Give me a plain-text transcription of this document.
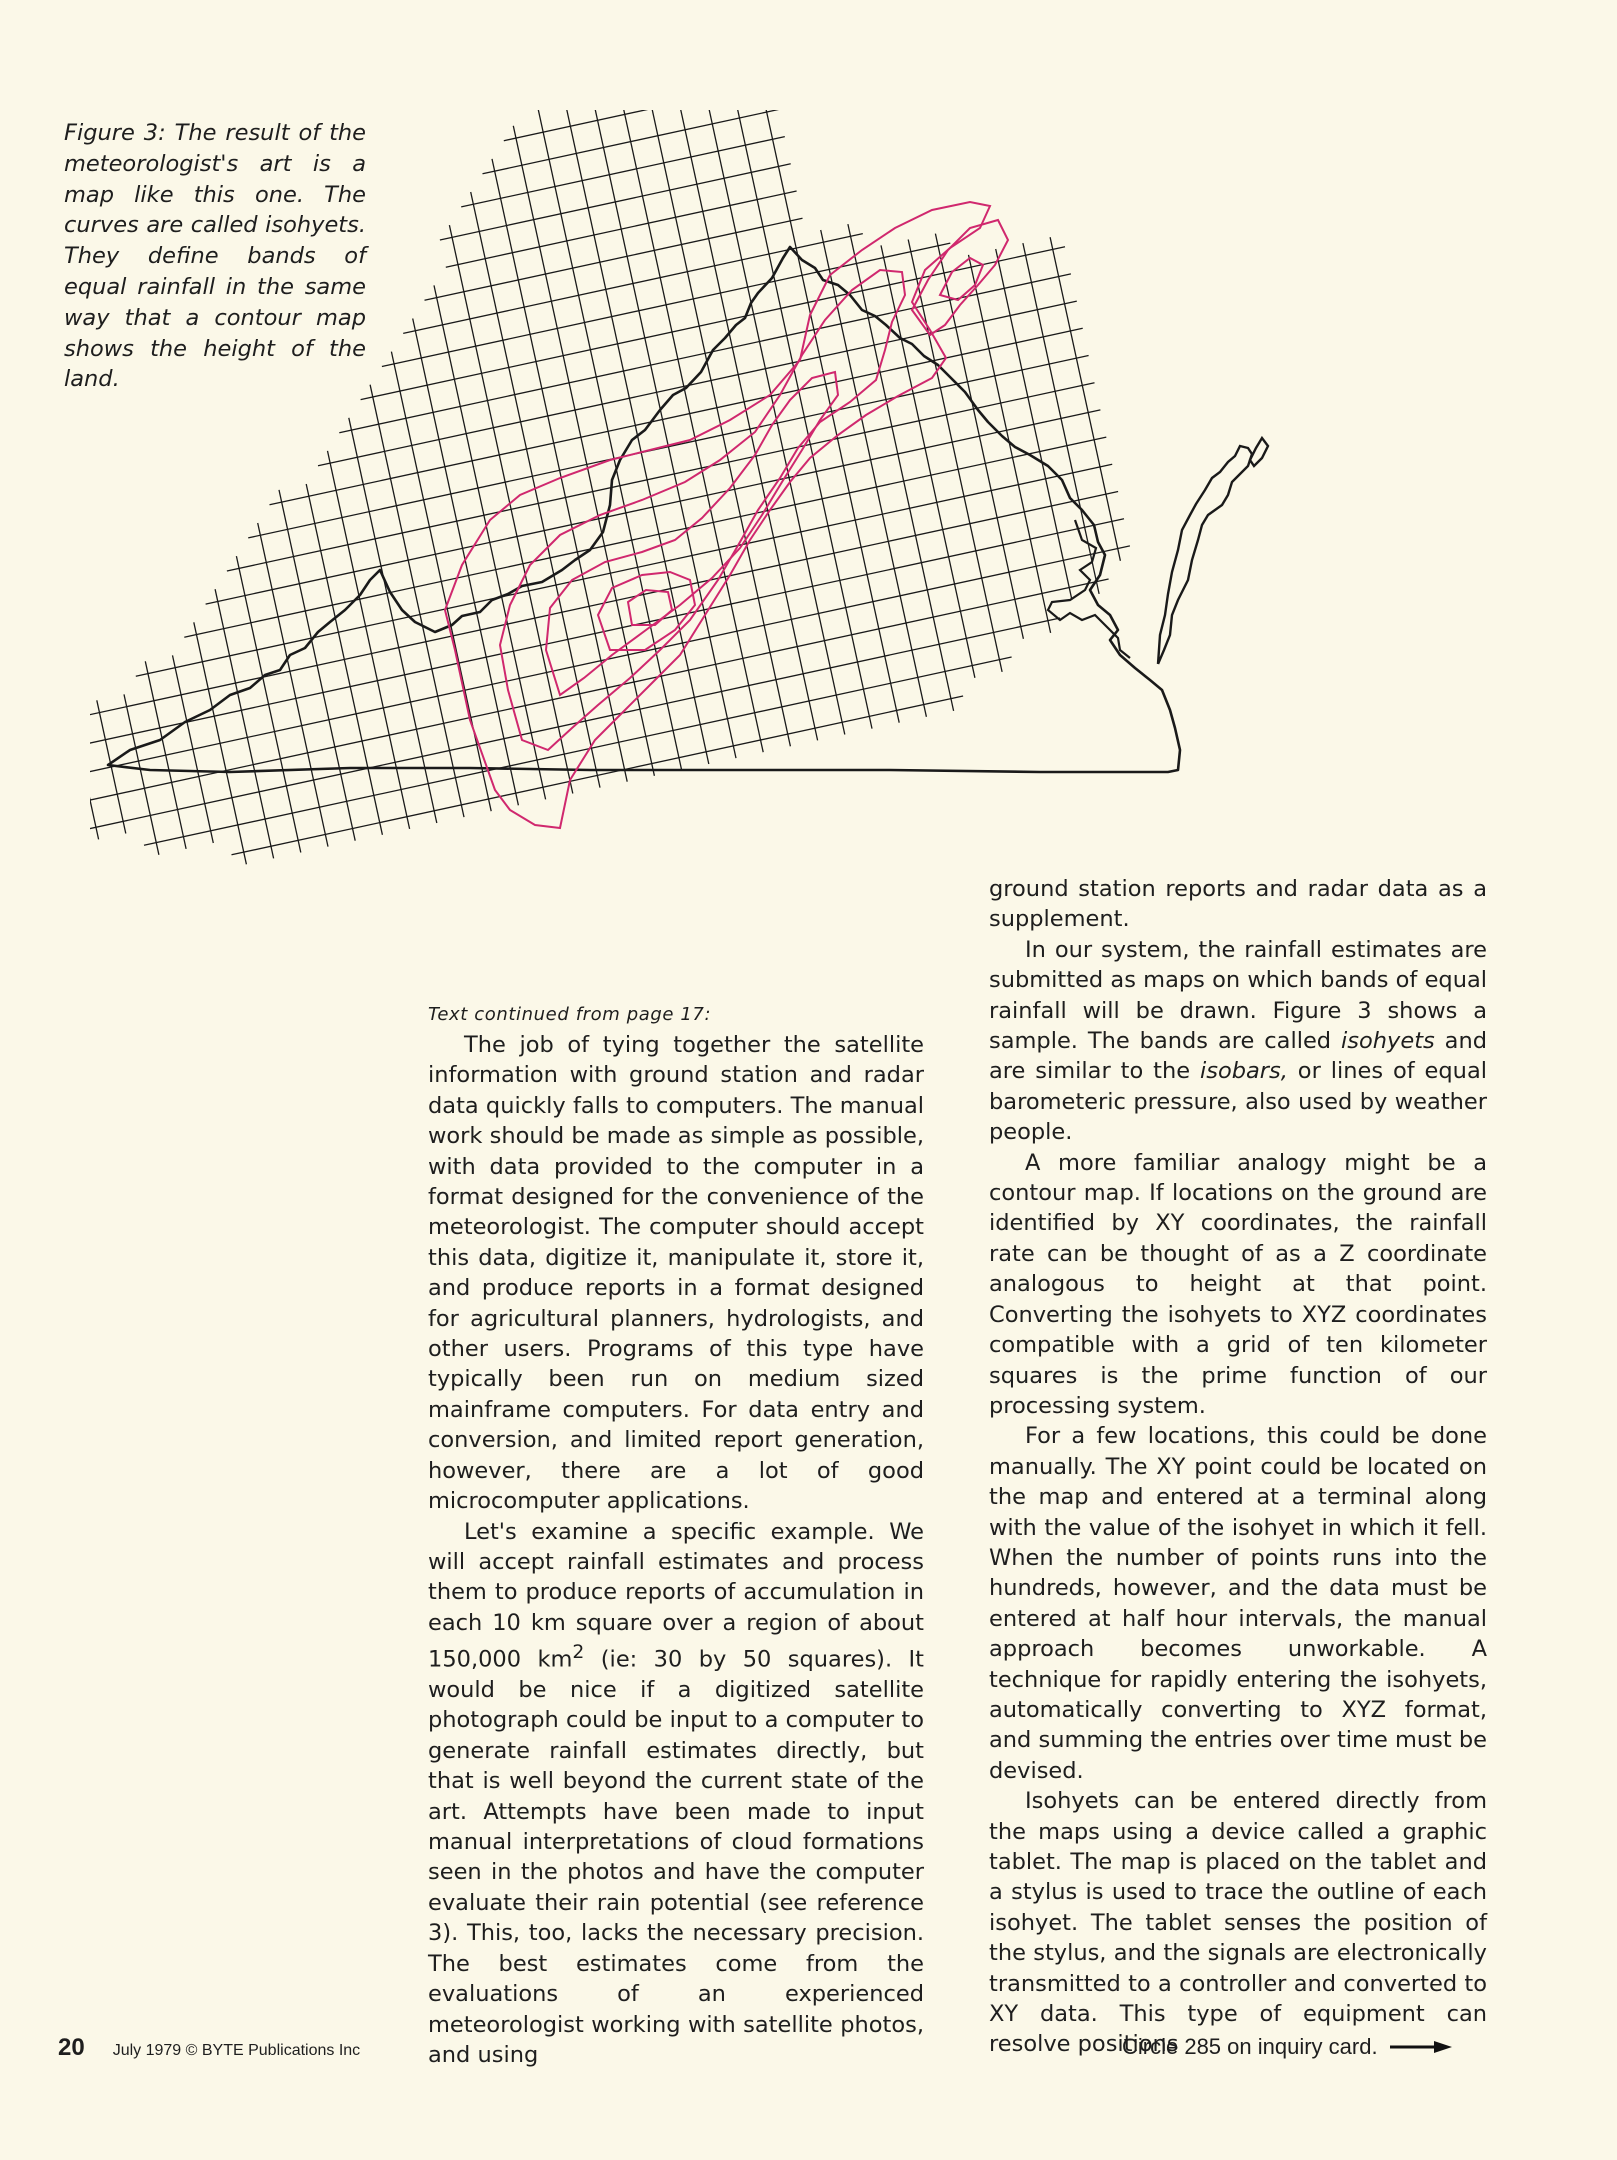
Figure 3: The result of the meteorologist's art is a map like this one. The curves are called isohyets. They define bands of equal rainfall in the same way that a contour map shows the height of the land.
Text continued from page 17:

The job of tying together the satellite information with ground station and radar data quickly falls to computers. The manual work should be made as simple as possible, with data provided to the computer in a format designed for the convenience of the meteorologist. The computer should accept this data, digitize it, manipulate it, store it, and produce reports in a format designed for agricultural planners, hydrologists, and other users. Programs of this type have typically been run on medium sized mainframe computers. For data entry and conversion, and limited report generation, however, there are a lot of good microcomputer applications.

Let's examine a specific example. We will accept rainfall estimates and process them to produce reports of accumulation in each 10 km square over a region of about 150,000 $km^2$ (ie: 30 by 50 squares). It would be nice if a digitized satellite photograph could be input to a computer to generate rainfall estimates directly, but that is well beyond the current state of the art. Attempts have been made to input manual interpretations of cloud formations seen in the photos and have the computer evaluate their rain potential (see reference 3). This, too, lacks the necessary precision. The best estimates come from the evaluations of an experienced meteorologist working with satellite photos, and using

ground station reports and radar data as a supplement.

In our system, the rainfall estimates are submitted as maps on which bands of equal rainfall will be drawn. Figure 3 shows a sample. The bands are called isohyets and are similar to the isobars, or lines of equal barometeric pressure, also used by weather people.

A more familiar analogy might be a contour map. If locations on the ground are identified by XY coordinates, the rainfall rate can be thought of as a Z coordinate analogous to height at that point. Converting the isohyets to XYZ coordinates compatible with a grid of ten kilometer squares is the prime function of our processing system.

For a few locations, this could be done manually. The XY point could be located on the map and entered at a terminal along with the value of the isohyet in which it fell. When the number of points runs into the hundreds, however, and the data must be entered at half hour intervals, the manual approach becomes unworkable. A technique for rapidly entering the isohyets, automatically converting to XYZ format, and summing the entries over time must be devised.

Isohyets can be entered directly from the maps using a device called a graphic tablet. The map is placed on the tablet and a stylus is used to trace the outline of each isohyet. The tablet senses the position of the stylus, and the signals are electronically transmitted to a controller and converted to XY data. This type of equipment can resolve positions

20 July 1979 © BYTE Publications Inc	Circle 285 on inquiry card.
